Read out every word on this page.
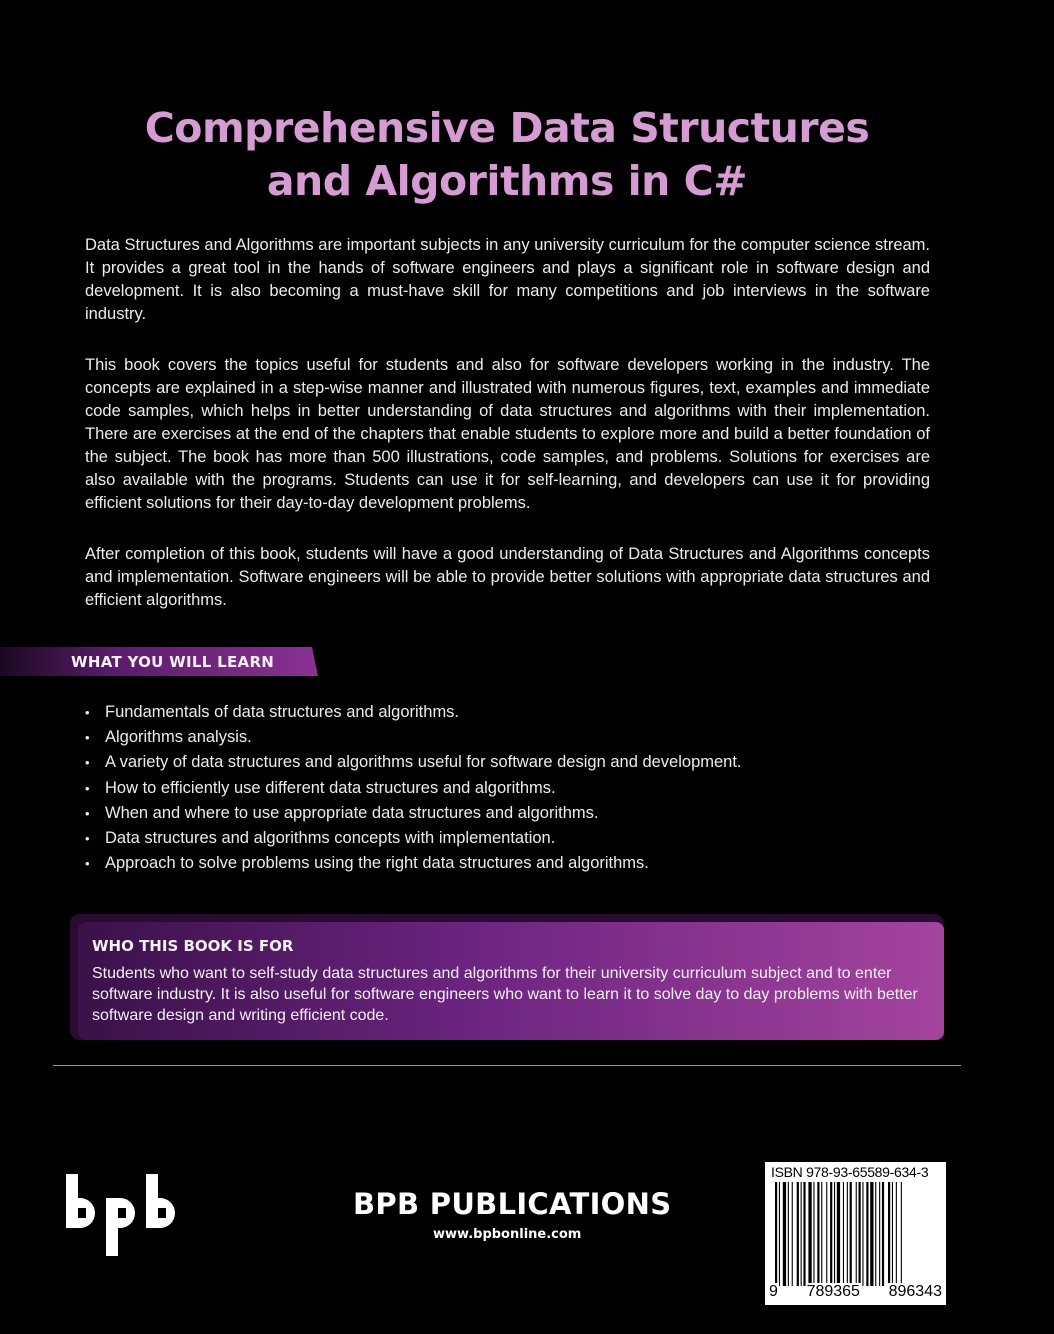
Comprehensive Data Structures
and Algorithms in C#

Data Structures and Algorithms are important subjects in any university curriculum for the computer science stream. It provides a great tool in the hands of software engineers and plays a significant role in software design and development. It is also becoming a must-have skill for many competitions and job interviews in the software industry.

This book covers the topics useful for students and also for software developers working in the industry. The concepts are explained in a step-wise manner and illustrated with numerous figures, text, examples and immediate code samples, which helps in better understanding of data structures and algorithms with their implementation. There are exercises at the end of the chapters that enable students to explore more and build a better foundation of the subject. The book has more than 500 illustrations, code samples, and problems. Solutions for exercises are also available with the programs. Students can use it for self-learning, and developers can use it for providing efficient solutions for their day-to-day development problems.

After completion of this book, students will have a good understanding of Data Structures and Algorithms concepts and implementation. Software engineers will be able to provide better solutions with appropriate data structures and efficient algorithms.

WHAT YOU WILL LEARN
• Fundamentals of data structures and algorithms.
• Algorithms analysis.
• A variety of data structures and algorithms useful for software design and development.
• How to efficiently use different data structures and algorithms.
• When and where to use appropriate data structures and algorithms.
• Data structures and algorithms concepts with implementation.
• Approach to solve problems using the right data structures and algorithms.
WHO THIS BOOK IS FOR

Students who want to self-study data structures and algorithms for their university curriculum subject and to enter software industry. It is also useful for software engineers who want to learn it to solve day to day problems with better software design and writing efficient code.

BPB PUBLICATIONS
www.bpbonline.com
ISBN 978-93-65589-634-3
9 789365 896343
